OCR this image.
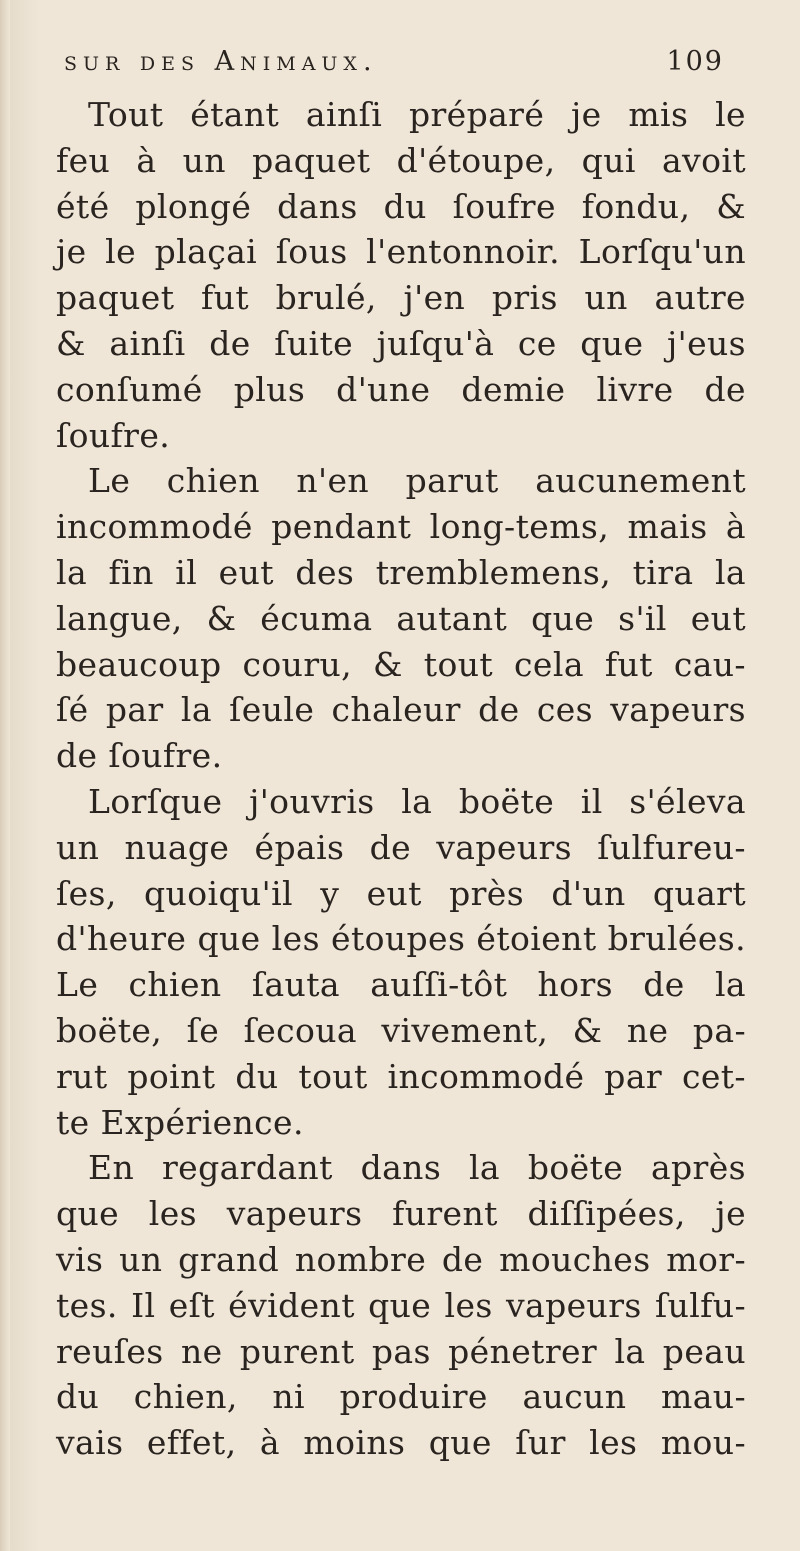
sur des Animaux.	109
Tout étant ainſi préparé je mis le
feu à un paquet d'étoupe, qui avoit
été plongé dans du ſoufre fondu, &
je le plaçai ſous l'entonnoir. Lorſqu'un
paquet fut brulé, j'en pris un autre
& ainſi de ſuite juſqu'à ce que j'eus
conſumé plus d'une demie livre de
ſoufre.
Le chien n'en parut aucunement
incommodé pendant long-tems, mais à
la fin il eut des tremblemens, tira la
langue, & écuma autant que s'il eut
beaucoup couru, & tout cela fut cau-
ſé par la ſeule chaleur de ces vapeurs
de ſoufre.
Lorſque j'ouvris la boëte il s'éleva
un nuage épais de vapeurs ſulfureu-
ſes, quoiqu'il y eut près d'un quart
d'heure que les étoupes étoient brulées.
Le chien ſauta auſſi-tôt hors de la
boëte, ſe ſecoua vivement, & ne pa-
rut point du tout incommodé par cet-
te Expérience.
En regardant dans la boëte après
que les vapeurs furent diſſipées, je
vis un grand nombre de mouches mor-
tes. Il eſt évident que les vapeurs ſulfu-
reuſes ne purent pas pénetrer la peau
du chien, ni produire aucun mau-
vais effet, à moins que ſur les mou-
